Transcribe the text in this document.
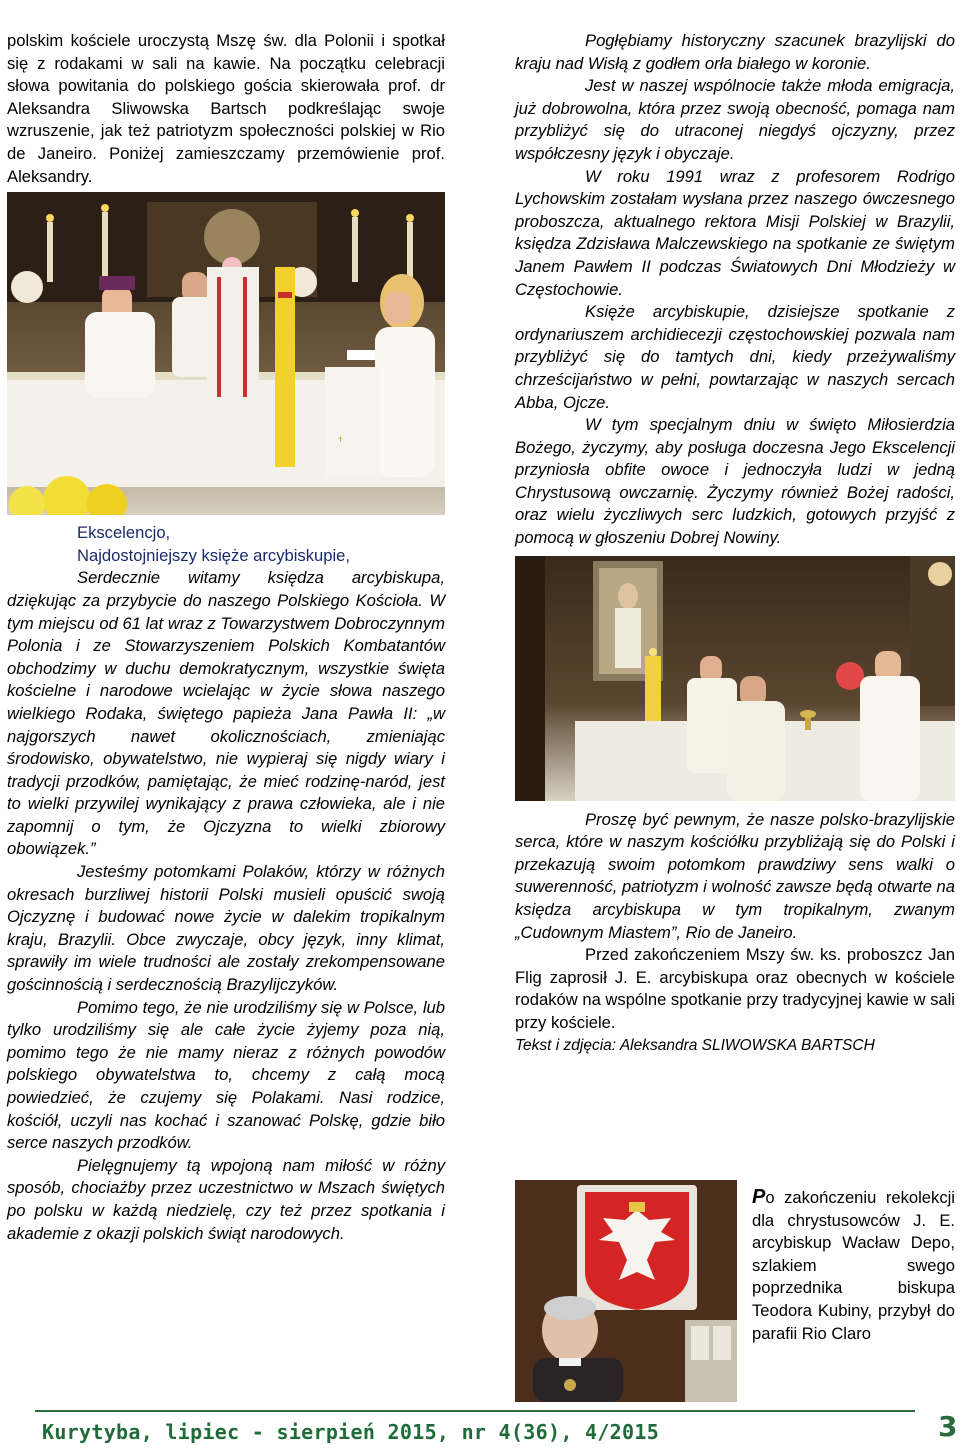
polskim kościele uroczystą Mszę św. dla Polonii i spotkał się z rodakami w sali na kawie. Na początku celebracji słowa powitania do polskiego gościa skierowała prof. dr Aleksandra Sliwowska Bartsch podkreślając swoje wzruszenie, jak też patriotyzm społeczności polskiej w Rio de Janeiro. Poniżej zamieszczamy przemówienie prof. Aleksandry.

✝

Ekscelencjo,

Najdostojniejszy księże arcybiskupie,

Serdecznie witamy księdza arcybiskupa, dziękując za przybycie do naszego Polskiego Kościoła. W tym miejscu od 61 lat wraz z Towarzystwem Dobroczynnym Polonia i ze Stowarzyszeniem Polskich Kombatantów obchodzimy w duchu demokratycznym, wszystkie święta kościelne i narodowe wcielając w życie słowa naszego wielkiego Rodaka, świętego papieża Jana Pawła II: „w najgorszych nawet okolicznościach, zmieniając środowisko, obywatelstwo, nie wypieraj się nigdy wiary i tradycji przodków, pamiętając, że mieć rodzinę-naród, jest to wielki przywilej wynikający z prawa człowieka, ale i nie zapomnij o tym, że Ojczyzna to wielki zbiorowy obowiązek.”

Jesteśmy potomkami Polaków, którzy w różnych okresach burzliwej historii Polski musieli opuścić swoją Ojczyznę i budować nowe życie w dalekim tropikalnym kraju, Brazylii. Obce zwyczaje, obcy język, inny klimat, sprawiły im wiele trudności ale zostały zrekompensowane gościnnością i serdecznością Brazylijczyków.

Pomimo tego, że nie urodziliśmy się w Polsce, lub tylko urodziliśmy się ale całe życie żyjemy poza nią, pomimo tego że nie mamy nieraz z różnych powodów polskiego obywatelstwa to, chcemy z całą mocą powiedzieć, że czujemy się Polakami. Nasi rodzice, kościół, uczyli nas kochać i szanować Polskę, gdzie biło serce naszych przodków.

Pielęgnujemy tą wpojoną nam miłość w różny sposób, chociażby przez uczestnictwo w Mszach świętych po polsku w każdą niedzielę, czy też przez spotkania i akademie z okazji polskich świąt narodowych.

Pogłębiamy historyczny szacunek brazylijski do kraju nad Wisłą z godłem orła białego w koronie.

Jest w naszej wspólnocie także młoda emigracja, już dobrowolna, która przez swoją obecność, pomaga nam przybliżyć się do utraconej niegdyś ojczyzny, przez współczesny język i obyczaje.

W roku 1991 wraz z profesorem Rodrigo Lychowskim zostałam wysłana przez naszego ówczesnego proboszcza, aktualnego rektora Misji Polskiej w Brazylii, księdza Zdzisława Malczewskiego na spotkanie ze świętym Janem Pawłem II podczas Światowych Dni Młodzieży w Częstochowie.

Księże arcybiskupie, dzisiejsze spotkanie z ordynariuszem archidiecezji częstochowskiej pozwala nam przybliżyć się do tamtych dni, kiedy przeżywaliśmy chrześcijaństwo w pełni, powtarzając w naszych sercach Abba, Ojcze.

W tym specjalnym dniu w święto Miłosierdzia Bożego, życzymy, aby posługa doczesna Jego Ekscelencji przyniosła obfite owoce i jednoczyła ludzi w jedną Chrystusową owczarnię. Życzymy również Bożej radości, oraz wielu życzliwych serc ludzkich, gotowych przyjść z pomocą w głoszeniu Dobrej Nowiny.

Proszę być pewnym, że nasze polsko-brazylijskie serca, które w naszym kościółku przybliżają się do Polski i przekazują swoim potomkom prawdziwy sens walki o suwerenność, patriotyzm i wolność zawsze będą otwarte na księdza arcybiskupa w tym tropikalnym, zwanym „Cudownym Miastem”, Rio de Janeiro.

Przed zakończeniem Mszy św. ks. proboszcz Jan Flig zaprosił J. E. arcybiskupa oraz obecnych w kościele rodaków na wspólne spotkanie przy tradycyjnej kawie w sali przy kościele.

Tekst i zdjęcia: Aleksandra SLIWOWSKA BARTSCH

Po zakończeniu rekolekcji dla chrystusowców J. E. arcybiskup Wacław Depo, szlakiem swego poprzednika biskupa Teodora Kubiny, przybył do parafii Rio Claro
Kurytyba, lipiec - sierpień 2015, nr 4(36), 4/2015	3
